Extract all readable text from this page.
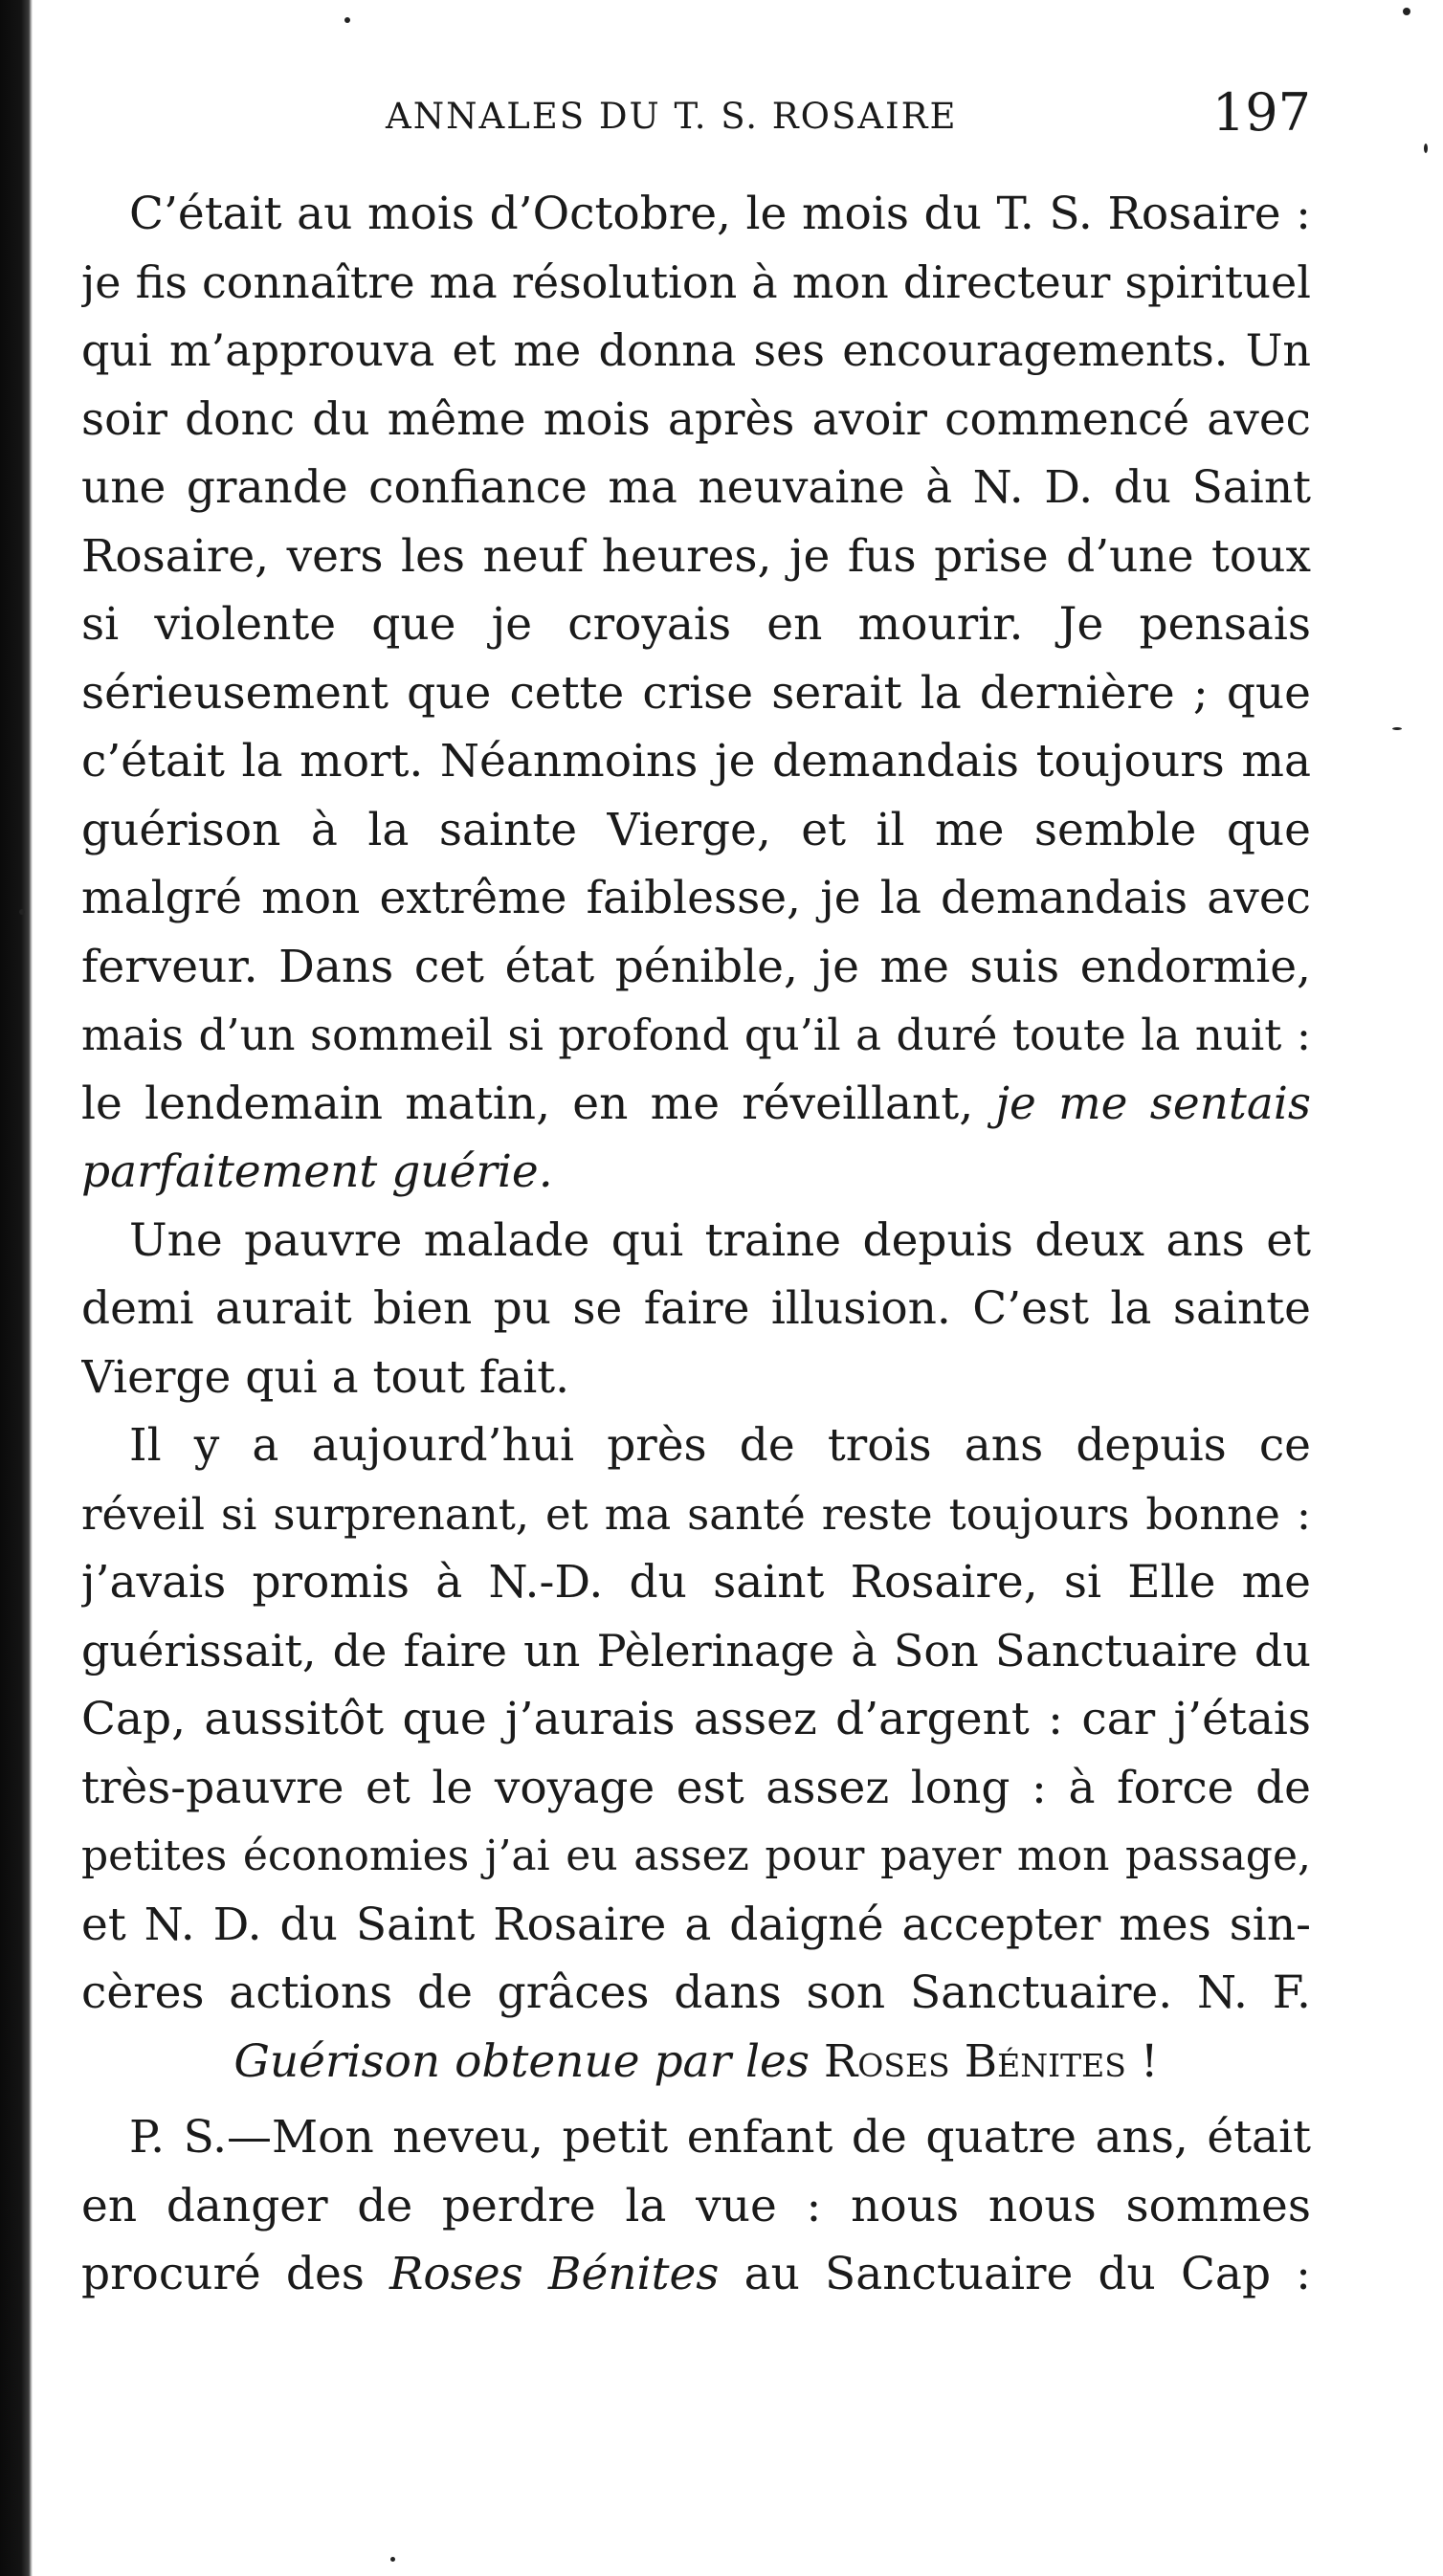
ANNALES DU T. S. ROSAIRE	197
C’était au mois d’Octobre, le mois du T. S. Rosaire :
je fis connaître ma résolution à mon directeur spirituel
qui m’approuva et me donna ses encouragements. Un
soir donc du même mois après avoir commencé avec
une grande confiance ma neuvaine à N. D. du Saint
Rosaire, vers les neuf heures, je fus prise d’une toux
si violente que je croyais en mourir. Je pensais
sérieusement que cette crise serait la dernière ; que
c’était la mort. Néanmoins je demandais toujours ma
guérison à la sainte Vierge, et il me semble que
malgré mon extrême faiblesse, je la demandais avec
ferveur. Dans cet état pénible, je me suis endormie,
mais d’un sommeil si profond qu’il a duré toute la nuit :
le lendemain matin, en me réveillant, je me sentais
parfaitement guérie.
Une pauvre malade qui traine depuis deux ans et
demi aurait bien pu se faire illusion. C’est la sainte
Vierge qui a tout fait.
Il y a aujourd’hui près de trois ans depuis ce
réveil si surprenant, et ma santé reste toujours bonne :
j’avais promis à N.-D. du saint Rosaire, si Elle me
guérissait, de faire un Pèlerinage à Son Sanctuaire du
Cap, aussitôt que j’aurais assez d’argent : car j’étais
très-pauvre et le voyage est assez long : à force de
petites économies j’ai eu assez pour payer mon passage,
et N. D. du Saint Rosaire a daigné accepter mes sin-
cères actions de grâces dans son Sanctuaire. N. F.
Guérison obtenue par les Roses Bénites !
P. S.—Mon neveu, petit enfant de quatre ans, était
en danger de perdre la vue : nous nous sommes
procuré des Roses Bénites au Sanctuaire du Cap :
